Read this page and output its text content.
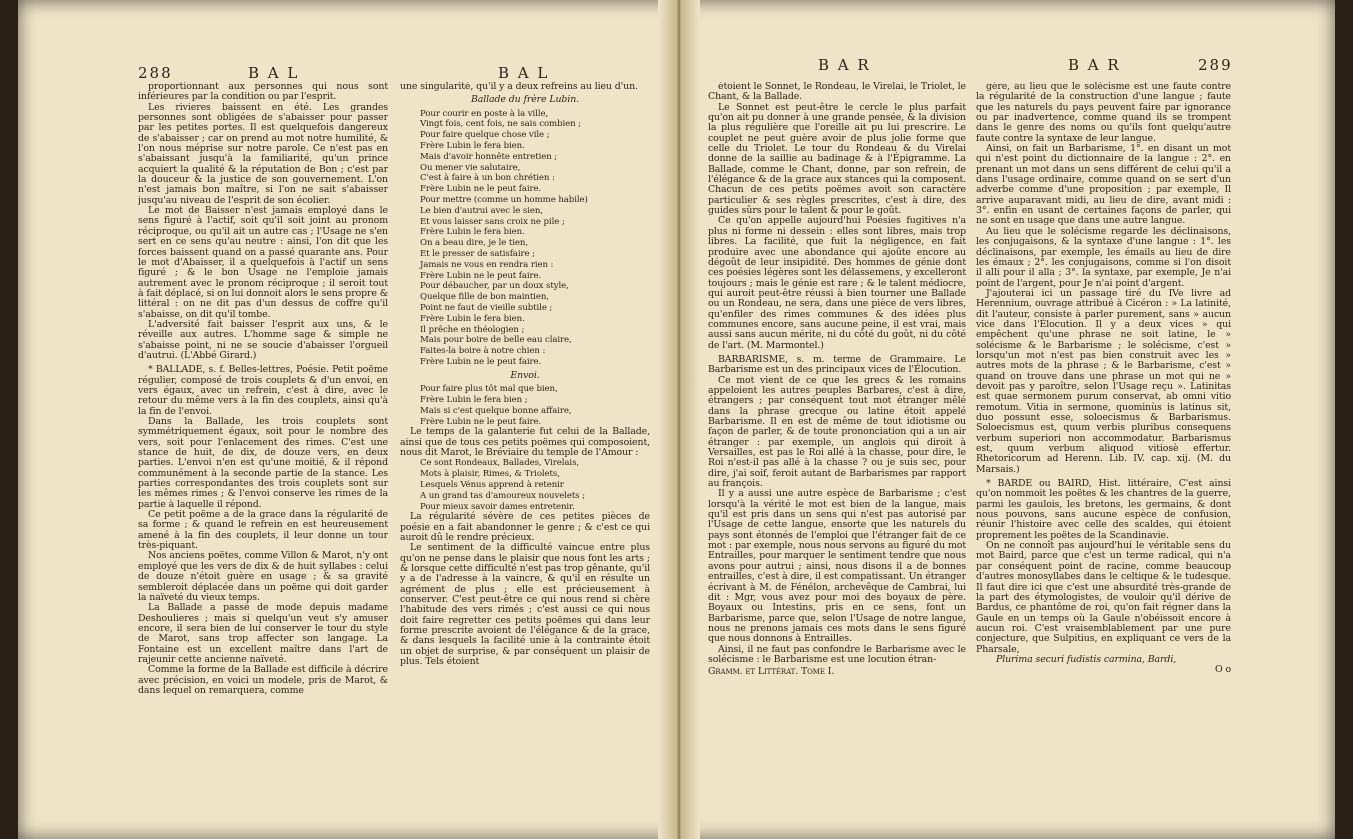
288	B A L	B A L

proportionnant aux personnes qui nous sont inférieures par la condition ou par l'esprit.

Les rivieres baissent en été. Les grandes personnes sont obligées de s'abaisser pour passer par les petites portes. Il est quelquefois dangereux de s'abaisser ; car on prend au mot notre humilité, & l'on nous méprise sur notre parole. Ce n'est pas en s'abaissant jusqu'à la familiarité, qu'un prince acquiert la qualité & la réputation de Bon ; c'est par la douceur & la justice de son gouvernement. L'on n'est jamais bon maître, si l'on ne sait s'abaisser jusqu'au niveau de l'esprit de son écolier.

Le mot de Baisser n'est jamais employé dans le sens figuré à l'actif, soit qu'il soit joint au pronom réciproque, ou qu'il ait un autre cas ; l'Usage ne s'en sert en ce sens qu'au neutre : ainsi, l'on dit que les forces baissent quand on a passé quarante ans. Pour le mot d'Abaisser, il a quelquefois à l'actif un sens figuré ; & le bon Usage ne l'emploie jamais autrement avec le pronom réciproque ; il seroit tout à fait déplacé, si on lui donnoit alors le sens propre & littéral : on ne dit pas d'un dessus de coffre qu'il s'abaisse, on dit qu'il tombe.

L'adversité fait baisser l'esprit aux uns, & le réveille aux autres. L'homme sage & simple ne s'abaisse point, ni ne se soucie d'abaisser l'orgueil d'autrui. (L'Abbé Girard.)

* BALLADE, s. f. Belles-lettres, Poésie. Petit poëme régulier, composé de trois couplets & d'un envoi, en vers égaux, avec un refrein, c'est à dire, avec le retour du même vers à la fin des couplets, ainsi qu'à la fin de l'envoi.

Dans la Ballade, les trois couplets sont symmétriquement égaux, soit pour le nombre des vers, soit pour l'enlacement des rimes. C'est une stance de huit, de dix, de douze vers, en deux parties. L'envoi n'en est qu'une moitié, & il répond communément à la seconde partie de la stance. Les parties correspondantes des trois couplets sont sur les mêmes rimes ; & l'envoi conserve les rimes de la partie à laquelle il répond.

Ce petit poëme a de la grace dans la régularité de sa forme ; & quand le refrein en est heureusement amené à la fin des couplets, il leur donne un tour très-piquant.

Nos anciens poëtes, comme Villon & Marot, n'y ont employé que les vers de dix & de huit syllabes : celui de douze n'étoit guère en usage ; & sa gravité sembleroit déplacée dans un poëme qui doit garder la naïveté du vieux temps.

La Ballade a passé de mode depuis madame Deshoulieres ; mais si quelqu'un veut s'y amuser encore, il sera bien de lui conserver le tour du style de Marot, sans trop affecter son langage. La Fontaine est un excellent maître dans l'art de rajeunir cette ancienne naïveté.

Comme la forme de la Ballade est difficile à décrire avec précision, en voici un modele, pris de Marot, & dans lequel on remarquera, comme

une singularité, qu'il y a deux refreins au lieu d'un.

Ballade du frère Lubin.

Pour courir en poste à la ville,

Vingt fois, cent fois, ne sais combien ;

Pour faire quelque chose vile ;

Frère Lubin le fera bien.

Mais d'avoir honnête entretien ;

Ou mener vie salutaire,

C'est à faire à un bon chrétien :

Frère Lubin ne le peut faire.

Pour mettre (comme un homme habile)

Le bien d'autrui avec le sien,

Et vous laisser sans croix ne pile ;

Frère Lubin le fera bien.

On a beau dire, je le tien,

Et le presser de satisfaire ;

Jamais ne vous en rendra rien :

Frère Lubin ne le peut faire.

Pour débaucher, par un doux style,

Quelque fille de bon maintien,

Point ne faut de vieille subtile ;

Frère Lubin le fera bien.

Il prêche en théologien ;

Mais pour boire de belle eau claire,

Faites-la boire à notre chien :

Frère Lubin ne le peut faire.

Envoi.

Pour faire plus tôt mal que bien,

Frère Lubin le fera bien ;

Mais si c'est quelque bonne affaire,

Frère Lubin ne le peut faire.

Le temps de la galanterie fut celui de la Ballade, ainsi que de tous ces petits poëmes qui composoient, nous dit Marot, le Bréviaire du temple de l'Amour :

Ce sont Rondeaux, Ballades, Virelais,

Mots à plaisir, Rimes, & Triolets,

Lesquels Vénus apprend à retenir

A un grand tas d'amoureux nouvelets ;

Pour mieux savoir dames entretenir.

La régularité sévère de ces petites pièces de poésie en a fait abandonner le genre ; & c'est ce qui auroit dû le rendre précieux.

Le sentiment de la difficulté vaincue entre plus qu'on ne pense dans le plaisir que nous font les arts ; & lorsque cette difficulté n'est pas trop gênante, qu'il y a de l'adresse à la vaincre, & qu'il en résulte un agrément de plus ; elle est précieusement à conserver. C'est peut-être ce qui nous rend si chère l'habitude des vers rimés ; c'est aussi ce qui nous doit faire regretter ces petits poëmes qui dans leur forme prescrite avoient de l'élégance & de la grace, & dans lesquels la facilité unie à la contrainte étoit un objet de surprise, & par conséquent un plaisir de plus. Tels étoient

B A R	B A R	289

étoient le Sonnet, le Rondeau, le Virelai, le Triolet, le Chant, & la Ballade.

Le Sonnet est peut-être le cercle le plus parfait qu'on ait pu donner à une grande pensée, & la division la plus régulière que l'oreille ait pu lui prescrire. Le couplet ne peut guère avoir de plus jolie forme que celle du Triolet. Le tour du Rondeau & du Virelai donne de la saillie au badinage & à l'Épigramme. La Ballade, comme le Chant, donne, par son refrein, de l'élégance & de la grace aux stances qui la composent. Chacun de ces petits poëmes avoit son caractère particulier & ses règles prescrites, c'est à dire, des guides sûrs pour le talent & pour le goût.

Ce qu'on appelle aujourd'hui Poésies fugitives n'a plus ni forme ni dessein : elles sont libres, mais trop libres. La facilité, que fuit la négligence, en fait produire avec une abondance qui ajoûte encore au dégoût de leur insipidité. Des hommes de génie dont ces poésies légères sont les délassemens, y excelleront toujours ; mais le génie est rare ; & le talent médiocre, qui auroit peut-être réussi à bien tourner une Ballade ou un Rondeau, ne sera, dans une pièce de vers libres, qu'enfiler des rimes communes & des idées plus communes encore, sans aucune peine, il est vrai, mais aussi sans aucun mérite, ni du côté du goût, ni du côté de l'art. (M. Marmontel.)

BARBARISME, s. m. terme de Grammaire. Le Barbarisme est un des principaux vices de l'Élocution.

Ce mot vient de ce que les grecs & les romains appeloient les autres peuples Barbares, c'est à dire, étrangers ; par conséquent tout mot étranger mêlé dans la phrase grecque ou latine étoit appelé Barbarisme. Il en est de même de tout idiotisme ou façon de parler, & de toute prononciation qui a un air étranger : par exemple, un anglois qui diroit à Versailles, est pas le Roi allé à la chasse, pour dire, le Roi n'est-il pas allé à la chasse ? ou je suis sec, pour dire, j'ai soif, feroit autant de Barbarismes par rapport au françois.

Il y a aussi une autre espèce de Barbarisme ; c'est lorsqu'à la vérité le mot est bien de la langue, mais qu'il est pris dans un sens qui n'est pas autorisé par l'Usage de cette langue, ensorte que les naturels du pays sont étonnés de l'emploi que l'étranger fait de ce mot : par exemple, nous nous servons au figuré du mot Entrailles, pour marquer le sentiment tendre que nous avons pour autrui ; ainsi, nous disons il a de bonnes entrailles, c'est à dire, il est compatissant. Un étranger écrivant à M. de Fénélon, archevêque de Cambrai, lui dit : Mgr, vous avez pour moi des boyaux de père. Boyaux ou Intestins, pris en ce sens, font un Barbarisme, parce que, selon l'Usage de notre langue, nous ne prenons jamais ces mots dans le sens figuré que nous donnons à Entrailles.

Ainsi, il ne faut pas confondre le Barbarisme avec le solécisme : le Barbarisme est une locution étran-

Gramm. et Littérat. Tome I.

gère, au lieu que le solécisme est une faute contre la régularité de la construction d'une langue ; faute que les naturels du pays peuvent faire par ignorance ou par inadvertence, comme quand ils se trompent dans le genre des noms ou qu'ils font quelqu'autre faute contre la syntaxe de leur langue.

Ainsi, on fait un Barbarisme, 1°. en disant un mot qui n'est point du dictionnaire de la langue : 2°. en prenant un mot dans un sens différent de celui qu'il a dans l'usage ordinaire, comme quand on se sert d'un adverbe comme d'une proposition ; par exemple, Il arrive auparavant midi, au lieu de dire, avant midi : 3°. enfin en usant de certaines façons de parler, qui ne sont en usage que dans une autre langue.

Au lieu que le solécisme regarde les déclinaisons, les conjugaisons, & la syntaxe d'une langue : 1°. les déclinaisons, par exemple, les émails au lieu de dire les émaux ; 2°. les conjugaisons, comme si l'on disoit il alli pour il alla ; 3°. la syntaxe, par exemple, Je n'ai point de l'argent, pour Je n'ai point d'argent.

J'ajouterai ici un passage tiré du IVe livre ad Herennium, ouvrage attribué à Cicéron : » La latinité, dit l'auteur, consiste à parler purement, sans » aucun vice dans l'Élocution. Il y a deux vices » qui empêchent qu'une phrase ne soit latine, le » solécisme & le Barbarisme ; le solécisme, c'est » lorsqu'un mot n'est pas bien construit avec les » autres mots de la phrase ; & le Barbarisme, c'est » quand on trouve dans une phrase un mot qui ne » devoit pas y paroître, selon l'Usage reçu ». Latinitas est quae sermonem purum conservat, ab omni vitio remotum. Vitia in sermone, quominùs is latinus sit, duo possunt esse, soloecismus & Barbarismus. Soloecismus est, quum verbis pluribus consequens verbum superiori non accommodatur. Barbarismus est, quum verbum aliquod vitiosè effertur. Rhetoricorum ad Herenn. Lib. IV. cap. xij. (M. du Marsais.)

* BARDE ou BAIRD, Hist. littéraire, C'est ainsi qu'on nommoit les poëtes & les chantres de la guerre, parmi les gaulois, les bretons, les germains, & dont nous pouvons, sans aucune espèce de confusion, réunir l'histoire avec celle des scaldes, qui étoient proprement les poëtes de la Scandinavie.

On ne connoît pas aujourd'hui le véritable sens du mot Baird, parce que c'est un terme radical, qui n'a par conséquent point de racine, comme beaucoup d'autres monosyllabes dans le celtique & le tudesque. Il faut dire ici que c'est une absurdité très-grande de la part des étymologistes, de vouloir qu'il dérive de Bardus, ce phantôme de roi, qu'on fait régner dans la Gaule en un temps où la Gaule n'obéissoit encore à aucun roi. C'est vraisemblablement par une pure conjecture, que Sulpitius, en expliquant ce vers de la Pharsale,

Plurima securi fudistis carmina, Bardi,

O o
